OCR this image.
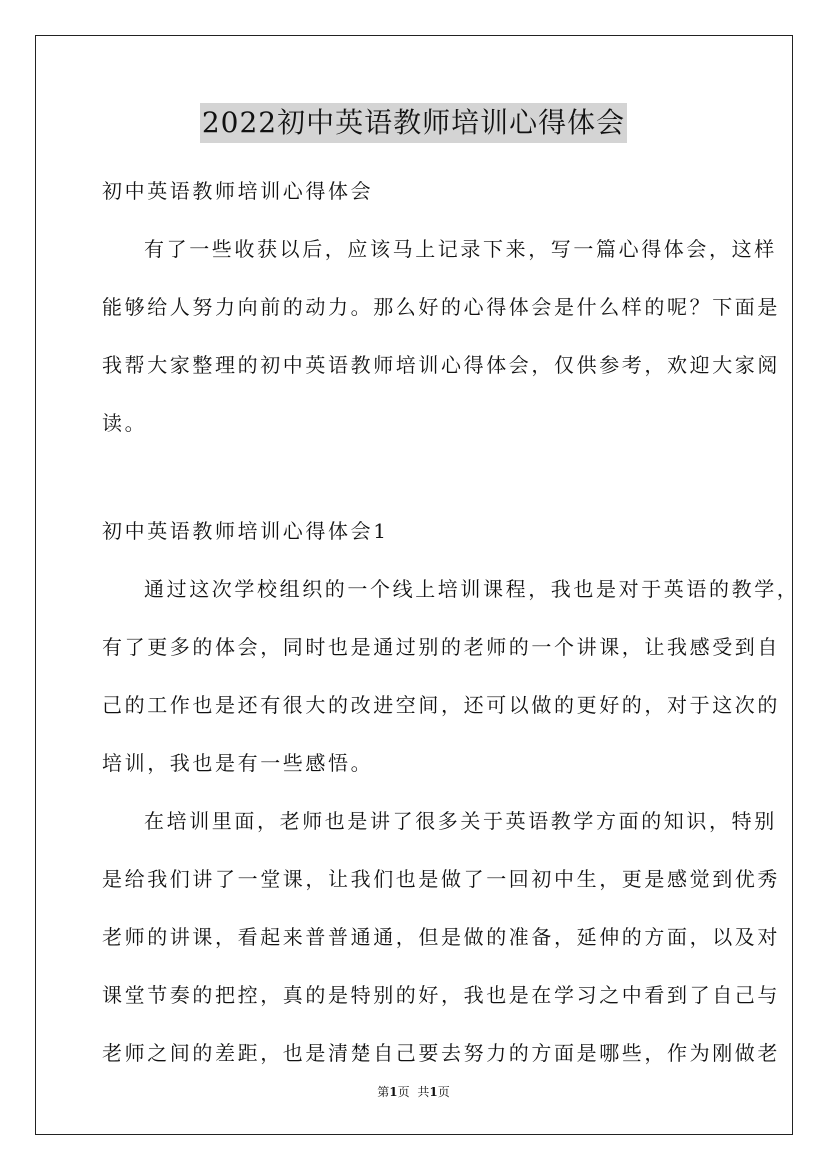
2022初中英语教师培训心得体会
初中英语教师培训心得体会
有了一些收获以后，应该马上记录下来，写一篇心得体会，这样
能够给人努力向前的动力。那么好的心得体会是什么样的呢？下面是
我帮大家整理的初中英语教师培训心得体会，仅供参考，欢迎大家阅
读。
初中英语教师培训心得体会1
通过这次学校组织的一个线上培训课程，我也是对于英语的教学，
有了更多的体会，同时也是通过别的老师的一个讲课，让我感受到自
己的工作也是还有很大的改进空间，还可以做的更好的，对于这次的
培训，我也是有一些感悟。
在培训里面，老师也是讲了很多关于英语教学方面的知识，特别
是给我们讲了一堂课，让我们也是做了一回初中生，更是感觉到优秀
老师的讲课，看起来普普通通，但是做的准备，延伸的方面，以及对
课堂节奏的把控，真的是特别的好，我也是在学习之中看到了自己与
老师之间的差距，也是清楚自己要去努力的方面是哪些，作为刚做老
第1页 共1页
